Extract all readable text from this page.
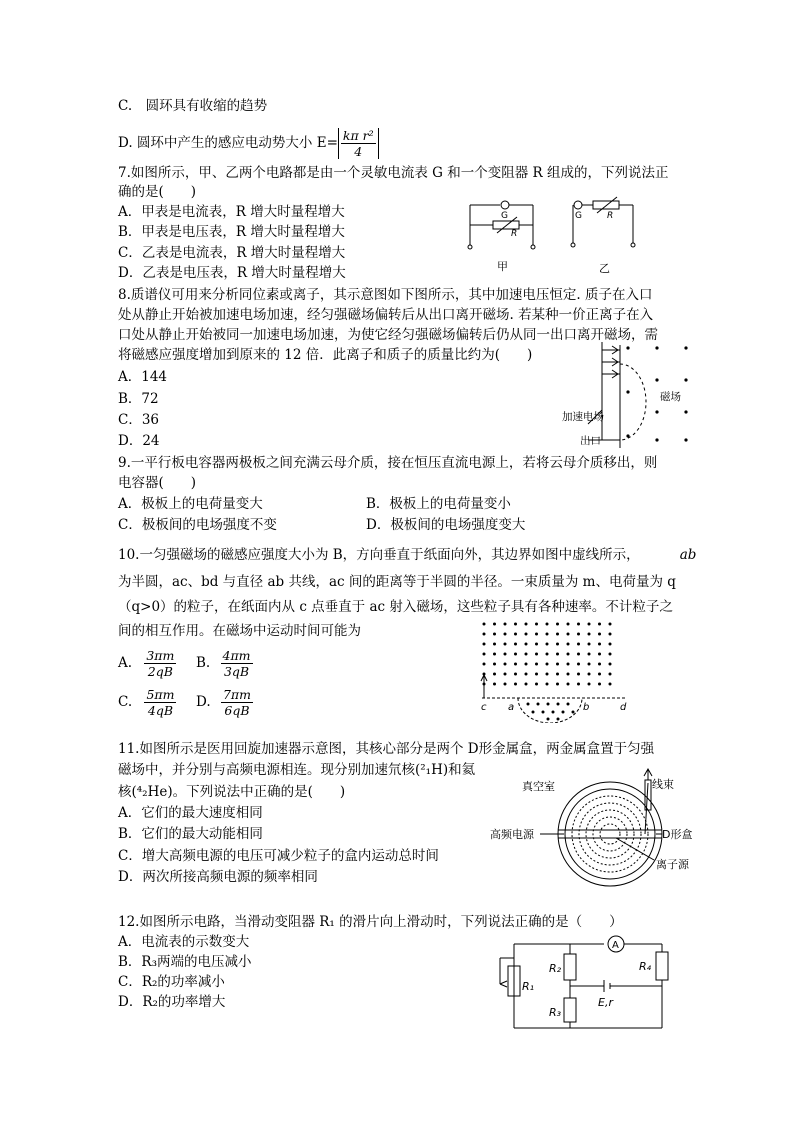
C.　圆环具有收缩的趋势
D. 圆环中产生的感应电动势大小 $E= \frac{\text{kπ r²}}{4}$
7.如图所示，甲、乙两个电路都是由一个灵敏电流表 G 和一个变阻器 R 组成的，下列说法正
确的是(　　)
A．甲表是电流表，R 增大时量程增大
B．甲表是电压表，R 增大时量程增大
C．乙表是电流表，R 增大时量程增大
D．乙表是电压表，R 增大时量程增大
G
R
G	R
甲	乙
8.质谱仪可用来分析同位素或离子，其示意图如下图所示，其中加速电压恒定. 质子在入口
处从静止开始被加速电场加速，经匀强磁场偏转后从出口离开磁场. 若某种一价正离子在入
口处从静止开始被同一加速电场加速，为使它经匀强磁场偏转后仍从同一出口离开磁场，需
将磁感应强度增加到原来的 12 倍．此离子和质子的质量比约为(　　)
A．144
B．72
C．36
D．24
加速电场
磁场
出口
9.一平行板电容器两极板之间充满云母介质，接在恒压直流电源上，若将云母介质移出，则
电容器(　　)
A．极板上的电荷量变大	B．极板上的电荷量变小
C．极板间的电场强度不变	D．极板间的电场强度变大
10.一匀强磁场的磁感应强度大小为 B，方向垂直于纸面向外，其边界如图中虚线所示，	ab
为半圆，ac、bd 与直径 ab 共线，ac 间的距离等于半圆的半径。一束质量为 m、电荷量为 q
（q>0）的粒子，在纸面内从 c 点垂直于 ac 射入磁场，这些粒子具有各种速率。不计粒子之
间的相互作用。在磁场中运动时间可能为
A. $\frac{3\pi m}{2qB} B$. $\frac{4\pi m}{3qB}$
C. $\frac{5\pi m}{4qB} D$. $\frac{7\pi m}{6qB}$	c a	b	d
11.如图所示是医用回旋加速器示意图，其核心部分是两个 D形金属盒，两金属盒置于匀强
磁场中，并分别与高频电源相连。现分别加速氘核(²₁H)和氦
核(⁴₂He)。下列说法中正确的是(　　)
A．它们的最大速度相同
B．它们的最大动能相同
C．增大高频电源的电压可减少粒子的盒内运动总时间
D．两次所接高频电源的频率相同
真空室	线束
高频电源	D形盒
离子源
12.如图所示电路，当滑动变阻器 R₁ 的滑片向上滑动时，下列说法正确的是（　　）
A．电流表的示数变大
B．R₃两端的电压减小
C．R₂的功率减小
D．R₂的功率增大
A
R₁
R₂
R₃
R₄
E,r
